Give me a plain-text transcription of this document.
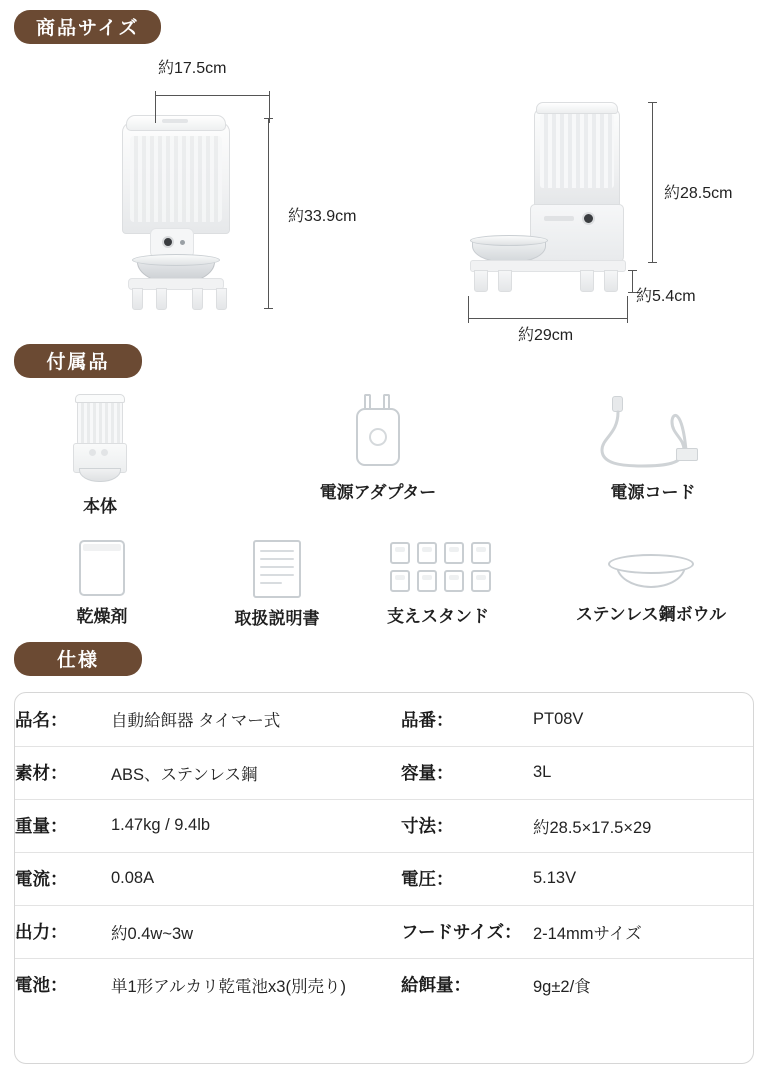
商品サイズ
約17.5cm
約33.9cm
約28.5cm
約5.4cm
約29cm
付属品
本体
電源アダプター	電源コード
乾燥剤	取扱説明書	支えスタンド	ステンレス鋼ボウル
仕様
品名：	自動給餌器 タイマー式	品番：	PT08V
素材：	ABS、ステンレス鋼	容量：	3L
重量：	1.47kg / 9.4lb	寸法：	約28.5×17.5×29
電流：	0.08A	電圧：	5.13V
出力：	約0.4w~3w	フードサイズ：	2-14mmサイズ
電池：	単1形アルカリ乾電池x3(別売り)	給餌量：	9g±2/食
